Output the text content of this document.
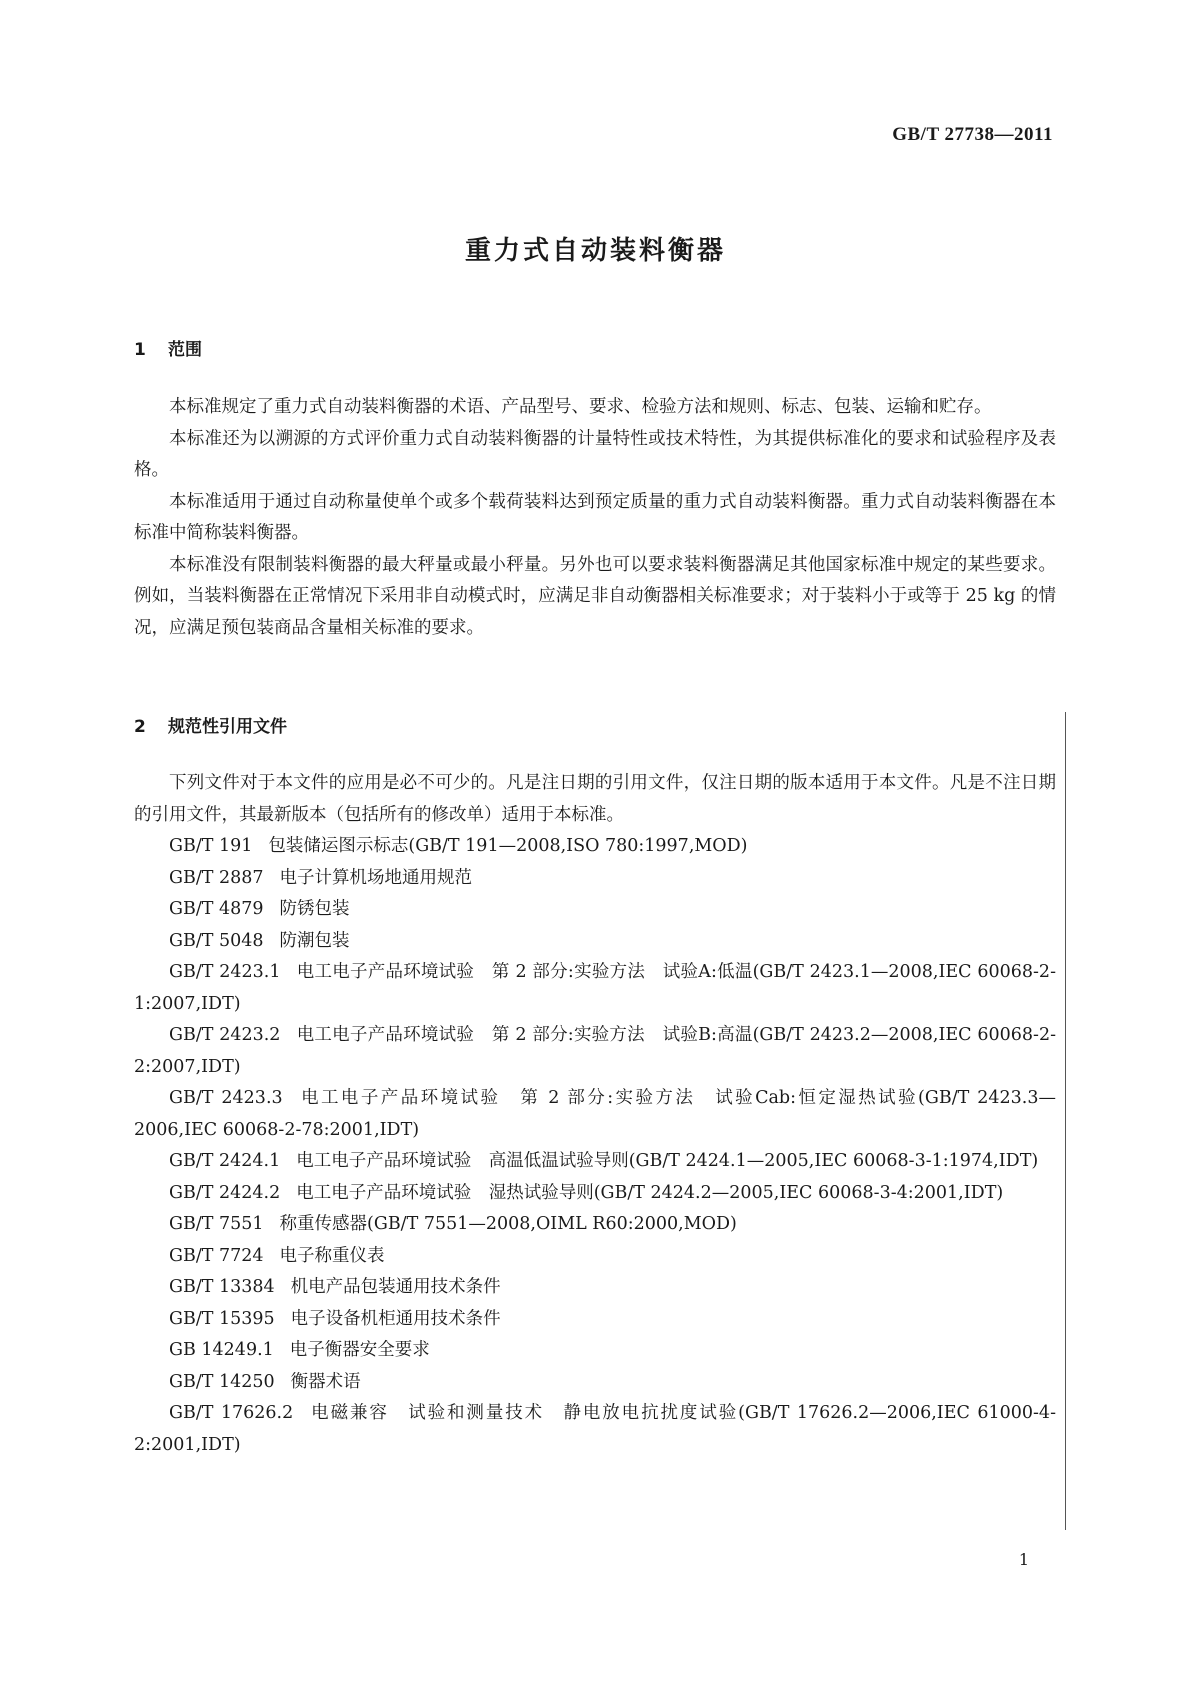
GB/T 27738—2011
重力式自动装料衡器
1 范围

本标准规定了重力式自动装料衡器的术语、产品型号、要求、检验方法和规则、标志、包装、运输和贮存。

本标准还为以溯源的方式评价重力式自动装料衡器的计量特性或技术特性，为其提供标准化的要求和试验程序及表格。

本标准适用于通过自动称量使单个或多个载荷装料达到预定质量的重力式自动装料衡器。重力式自动装料衡器在本标准中简称装料衡器。

本标准没有限制装料衡器的最大秤量或最小秤量。另外也可以要求装料衡器满足其他国家标准中规定的某些要求。例如，当装料衡器在正常情况下采用非自动模式时，应满足非自动衡器相关标准要求；对于装料小于或等于 25 kg 的情况，应满足预包装商品含量相关标准的要求。

2 规范性引用文件

下列文件对于本文件的应用是必不可少的。凡是注日期的引用文件，仅注日期的版本适用于本文件。凡是不注日期的引用文件，其最新版本（包括所有的修改单）适用于本标准。

GB/T 191 包装储运图示标志(GB/T 191—2008,ISO 780:1997,MOD)

GB/T 2887 电子计算机场地通用规范

GB/T 4879 防锈包装

GB/T 5048 防潮包装

GB/T 2423.1 电工电子产品环境试验　第 2 部分:实验方法　试验A:低温(GB/T 2423.1—2008,IEC 60068-2-1:2007,IDT)

GB/T 2423.2 电工电子产品环境试验　第 2 部分:实验方法　试验B:高温(GB/T 2423.2—2008,IEC 60068-2-2:2007,IDT)

GB/T 2423.3 电工电子产品环境试验　第 2 部分:实验方法　试验Cab:恒定湿热试验(GB/T 2423.3—2006,IEC 60068-2-78:2001,IDT)

GB/T 2424.1 电工电子产品环境试验　高温低温试验导则(GB/T 2424.1—2005,IEC 60068-3-1:1974,IDT)

GB/T 2424.2 电工电子产品环境试验　湿热试验导则(GB/T 2424.2—2005,IEC 60068-3-4:2001,IDT)

GB/T 7551 称重传感器(GB/T 7551—2008,OIML R60:2000,MOD)

GB/T 7724 电子称重仪表

GB/T 13384 机电产品包装通用技术条件

GB/T 15395 电子设备机柜通用技术条件

GB 14249.1 电子衡器安全要求

GB/T 14250 衡器术语

GB/T 17626.2 电磁兼容　试验和测量技术　静电放电抗扰度试验(GB/T 17626.2—2006,IEC 61000-4-2:2001,IDT)

1
